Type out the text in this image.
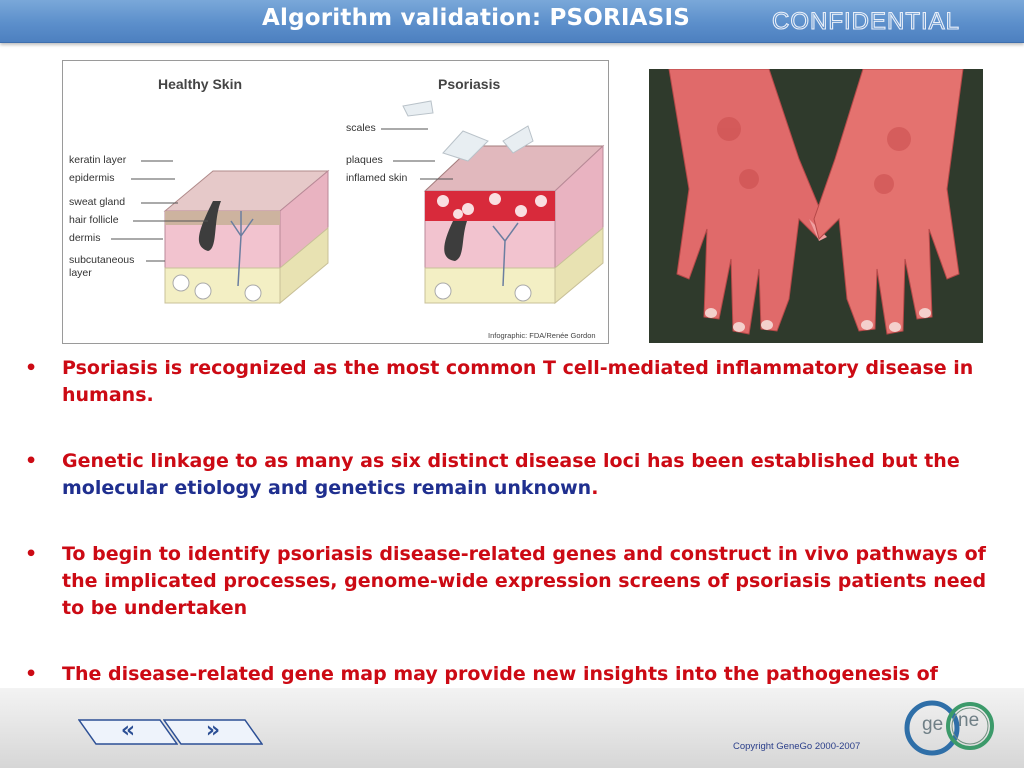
Algorithm validation: PSORIASIS	CONFIDENTIAL
Healthy Skin	Psoriasis
keratin layer
epidermis
sweat gland
hair follicle
dermis
subcutaneous
layer
scales
plaques
inflamed skin
Infographic: FDA/Renée Gordon
• Psoriasis is recognized as the most common T cell-mediated inflammatory disease in humans.
• Genetic linkage to as many as six distinct disease loci has been established but the molecular etiology and genetics remain unknown.
• To begin to identify psoriasis disease-related genes and construct in vivo pathways of the implicated processes, genome-wide expression screens of psoriasis patients need to be undertaken
• The disease-related gene map may provide new insights into the pathogenesis of
«	»
Copyright GeneGo 2000-2007
ge ne
